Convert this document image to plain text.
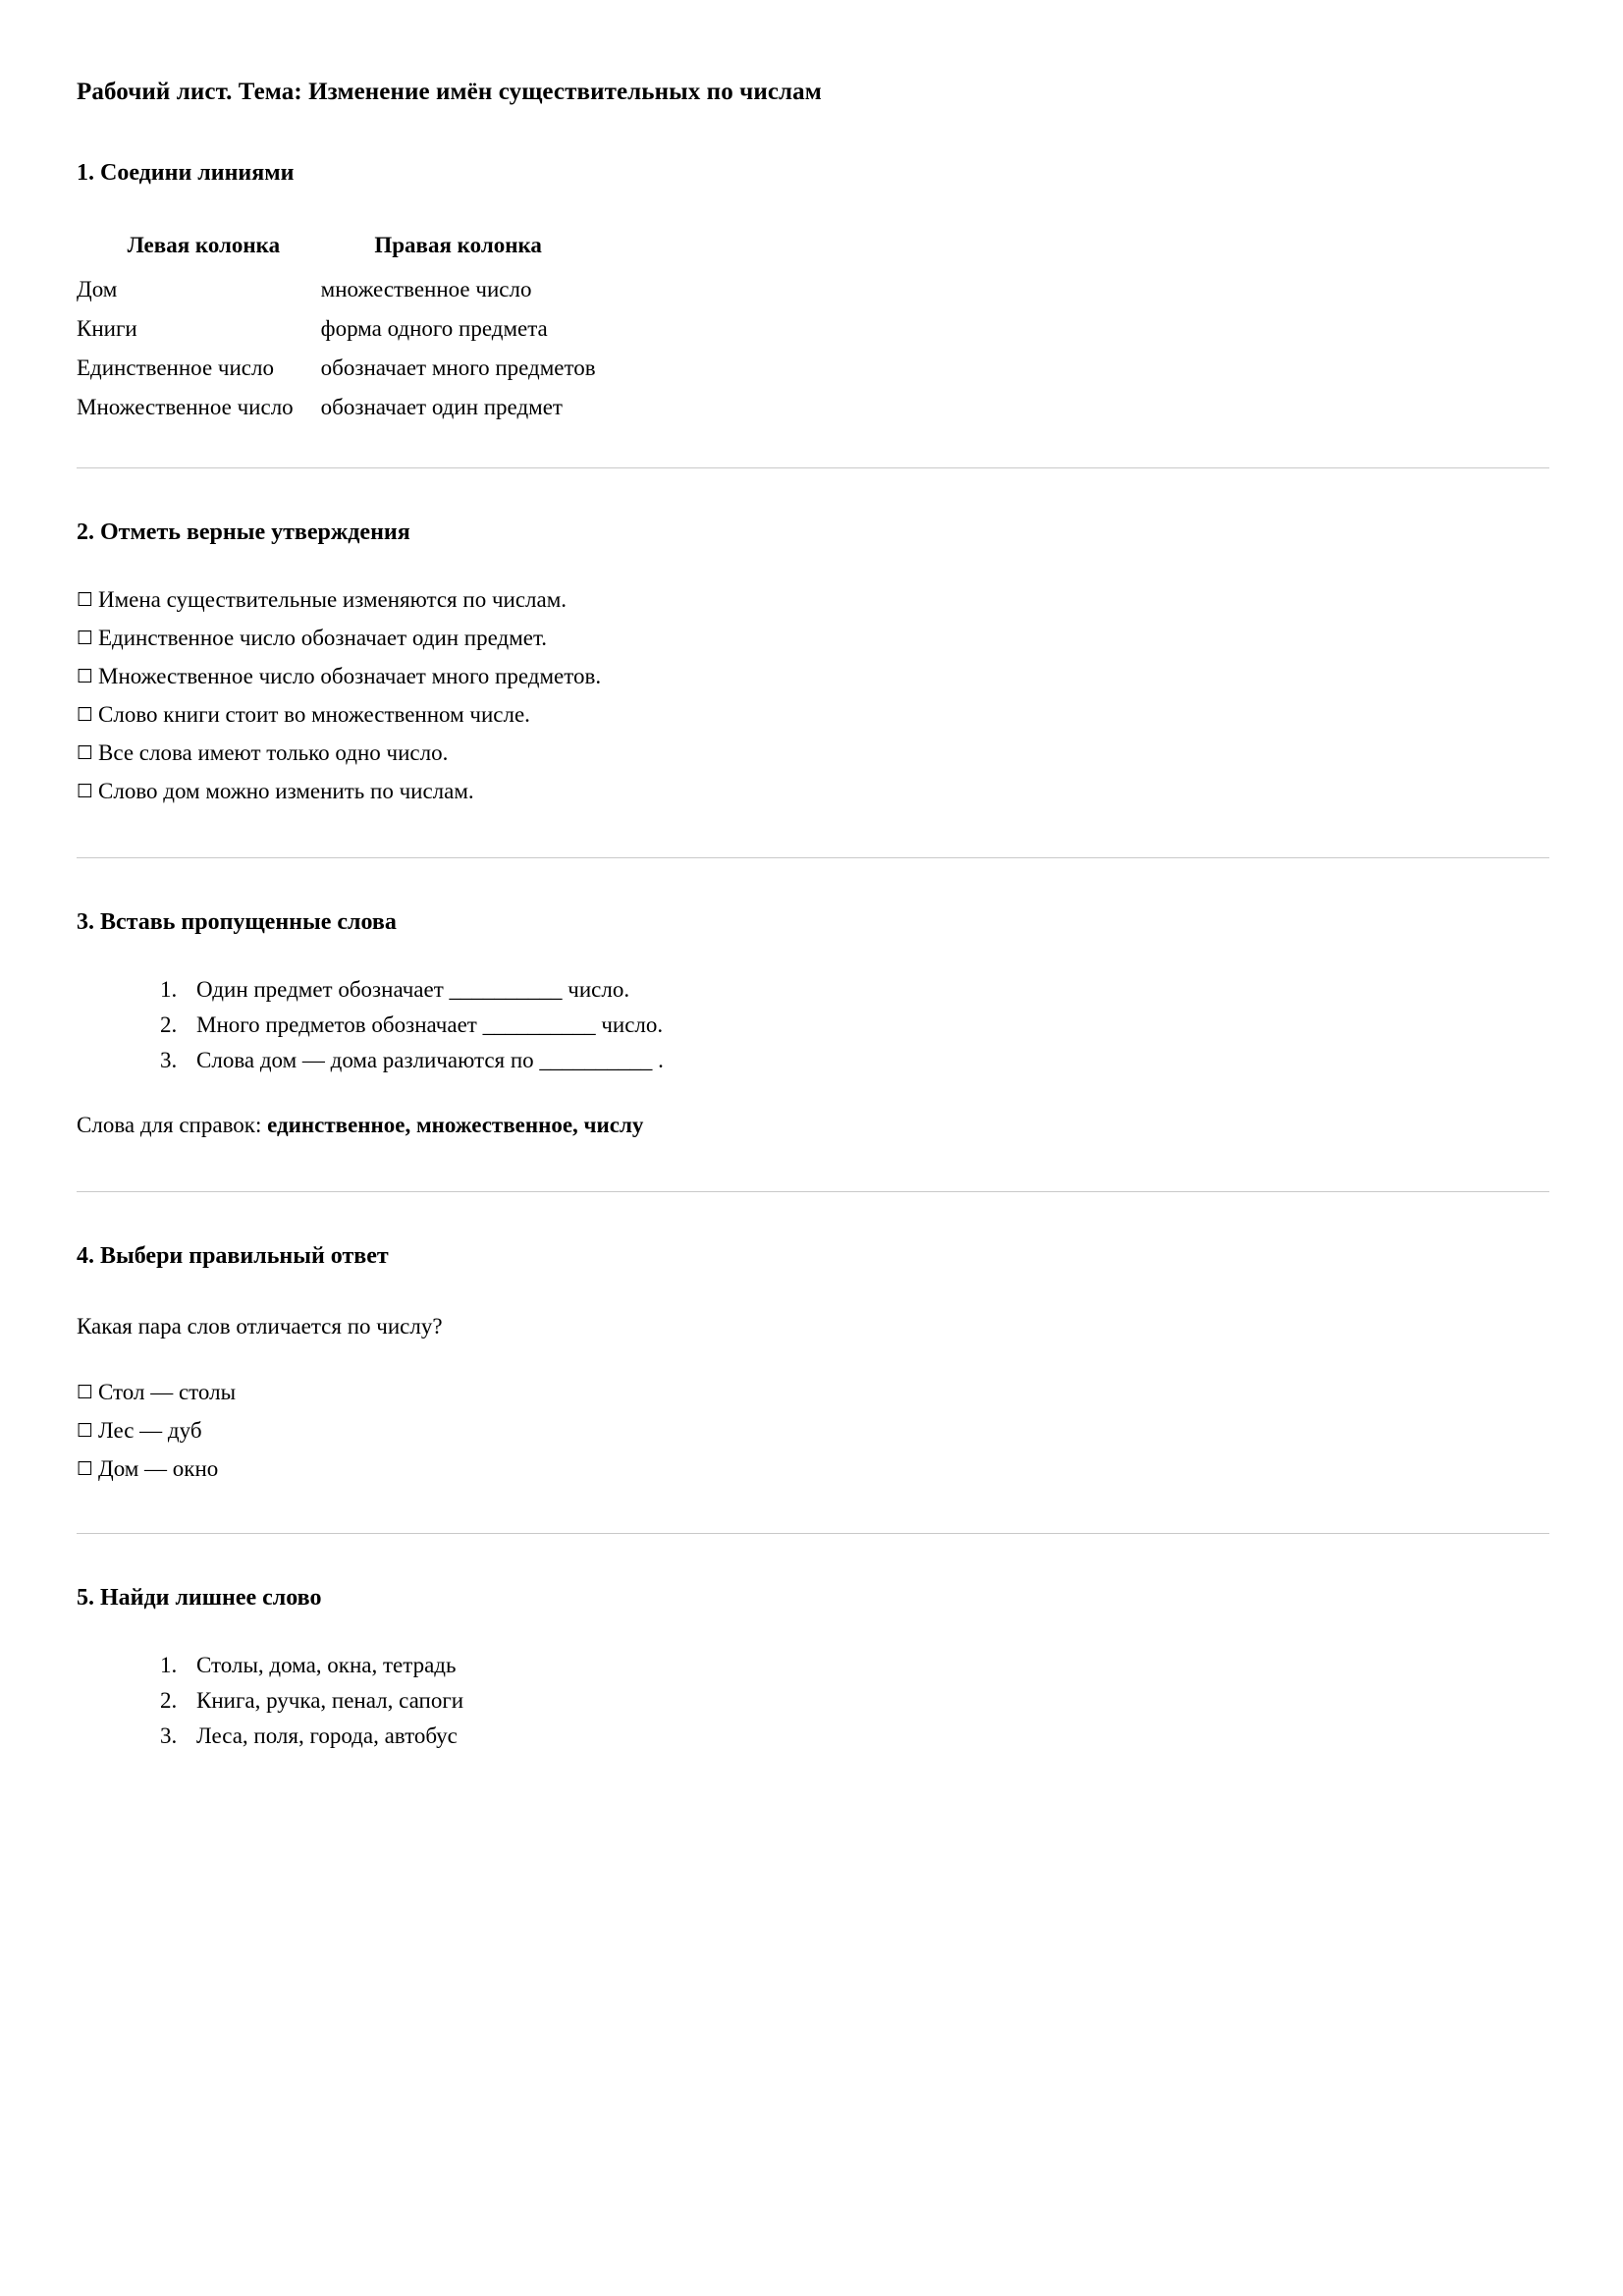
Рабочий лист. Тема: Изменение имён существительных по числам
1. Соедини линиями
Левая колонка	Правая колонка
Дом	множественное число
Книги	форма одного предмета
Единственное число	обозначает много предметов
Множественное число	обозначает один предмет
2. Отметь верные утверждения
☐ Имена существительные изменяются по числам.
☐ Единственное число обозначает один предмет.
☐ Множественное число обозначает много предметов.
☐ Слово книги стоит во множественном числе.
☐ Все слова имеют только одно число.
☐ Слово дом можно изменить по числам.
3. Вставь пропущенные слова
1. Один предмет обозначает __________ число.
2. Много предметов обозначает __________ число.
3. Слова дом — дома различаются по __________ .
Слова для справок: единственное, множественное, числу
4. Выбери правильный ответ
Какая пара слов отличается по числу?
☐ Стол — столы
☐ Лес — дуб
☐ Дом — окно
5. Найди лишнее слово
1. Столы, дома, окна, тетрадь
2. Книга, ручка, пенал, сапоги
3. Леса, поля, города, автобус
